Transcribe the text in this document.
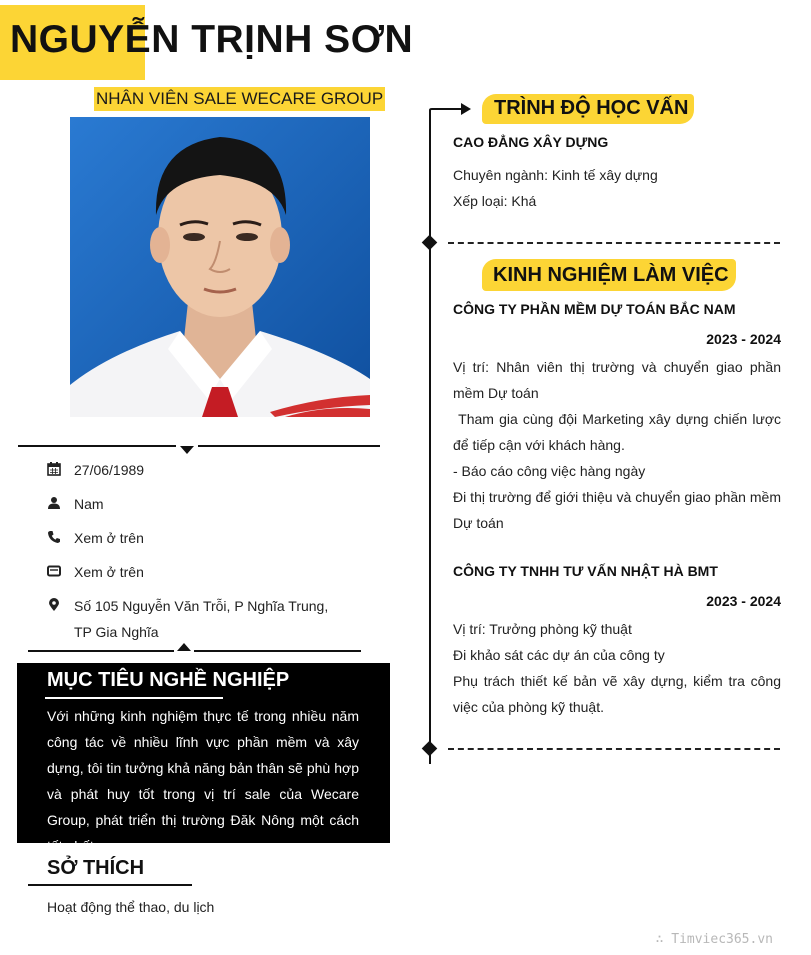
NGUYỄN TRỊNH SƠN
NHÂN VIÊN SALE WECARE GROUP
27/06/1989
Nam
Xem ở trên
Xem ở trên
Số 105 Nguyễn Văn Trỗi, P Nghĩa Trung,
TP Gia Nghĩa
MỤC TIÊU NGHỀ NGHIỆP
Với những kinh nghiệm thực tế trong nhiều năm công tác về nhiều lĩnh vực phần mềm và xây dựng, tôi tin tưởng khả năng bản thân sẽ phù hợp và phát huy tốt trong vị trí sale của Wecare Group, phát triển thị trường Đăk Nông một cách tốt nhất.
SỞ THÍCH
Hoạt động thể thao, du lịch
TRÌNH ĐỘ HỌC VẤN
CAO ĐẲNG XÂY DỰNG
Chuyên ngành: Kinh tế xây dựng
Xếp loại: Khá
KINH NGHIỆM LÀM VIỆC
CÔNG TY PHẦN MỀM DỰ TOÁN BẮC NAM
2023 - 2024
Vị trí: Nhân viên thị trường và chuyển giao phần mềm Dự toán
Tham gia cùng đội Marketing xây dựng chiến lược để tiếp cận với khách hàng.
- Báo cáo công việc hàng ngày
Đi thị trường để giới thiệu và chuyển giao phần mềm Dự toán
CÔNG TY TNHH TƯ VẤN NHẬT HÀ BMT
2023 - 2024
Vị trí: Trưởng phòng kỹ thuật
Đi khảo sát các dự án của công ty
Phụ trách thiết kế bản vẽ xây dựng, kiểm tra công việc của phòng kỹ thuật.
∴ Timviec365.vn
